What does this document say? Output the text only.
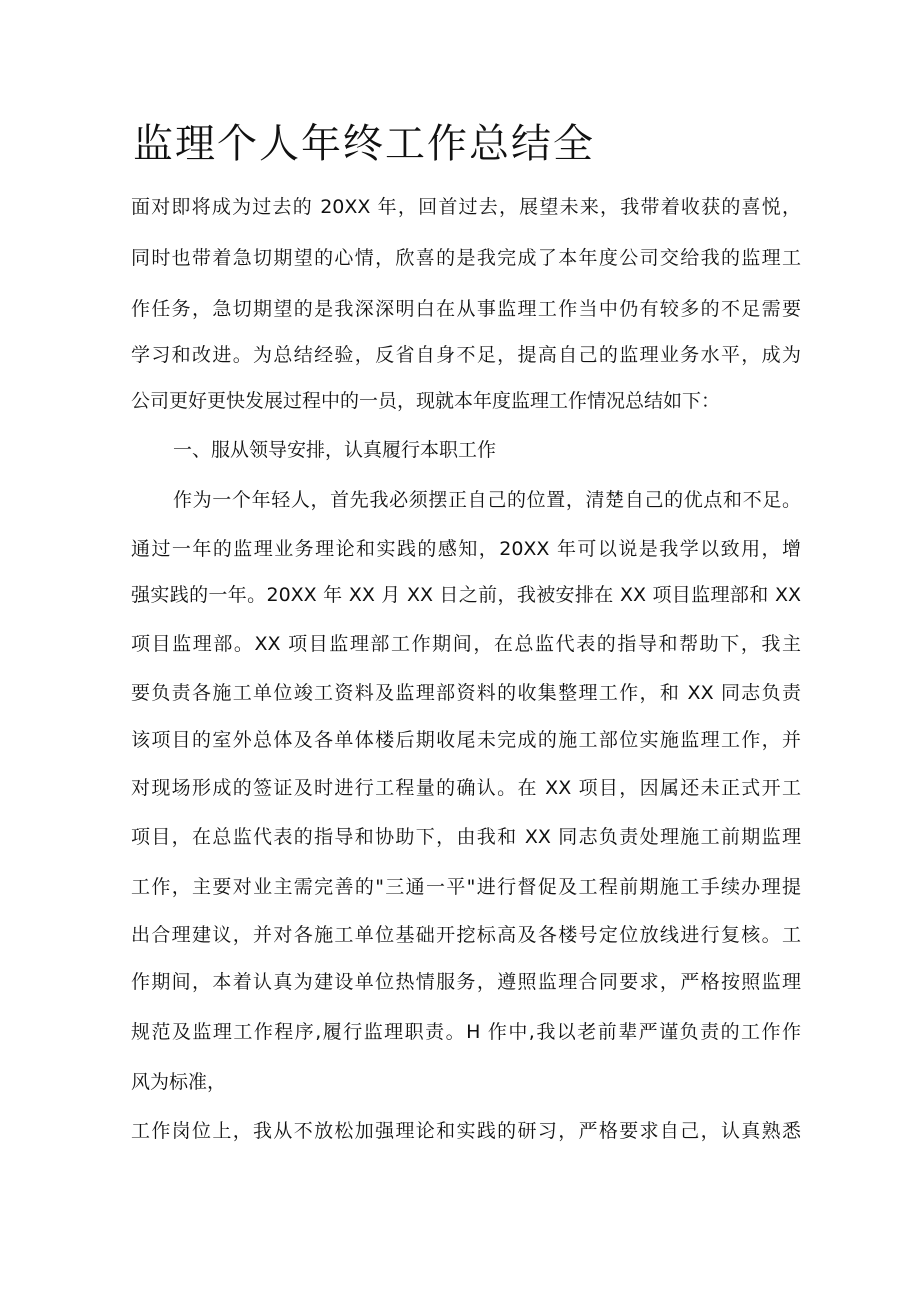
监理个人年终工作总结全

面对即将成为过去的 20XX 年，回首过去，展望未来，我带着收获的喜悦，

同时也带着急切期望的心情，欣喜的是我完成了本年度公司交给我的监理工

作任务，急切期望的是我深深明白在从事监理工作当中仍有较多的不足需要

学习和改进。为总结经验，反省自身不足，提高自己的监理业务水平，成为

公司更好更快发展过程中的一员，现就本年度监理工作情况总结如下：

一、服从领导安排，认真履行本职工作

作为一个年轻人，首先我必须摆正自己的位置，清楚自己的优点和不足。

通过一年的监理业务理论和实践的感知，20XX 年可以说是我学以致用，增

强实践的一年。20XX 年 XX 月 XX 日之前，我被安排在 XX 项目监理部和 XX

项目监理部。XX 项目监理部工作期间，在总监代表的指导和帮助下，我主

要负责各施工单位竣工资料及监理部资料的收集整理工作，和 XX 同志负责

该项目的室外总体及各单体楼后期收尾未完成的施工部位实施监理工作，并

对现场形成的签证及时进行工程量的确认。在 XX 项目，因属还未正式开工

项目，在总监代表的指导和协助下，由我和 XX 同志负责处理施工前期监理

工作，主要对业主需完善的"三通一平"进行督促及工程前期施工手续办理提

出合理建议，并对各施工单位基础开挖标高及各楼号定位放线进行复核。工

作期间，本着认真为建设单位热情服务，遵照监理合同要求，严格按照监理

规范及监理工作程序,履行监理职责。H 作中,我以老前辈严谨负责的工作作

风为标准，

工作岗位上，我从不放松加强理论和实践的研习，严格要求自己，认真熟悉
